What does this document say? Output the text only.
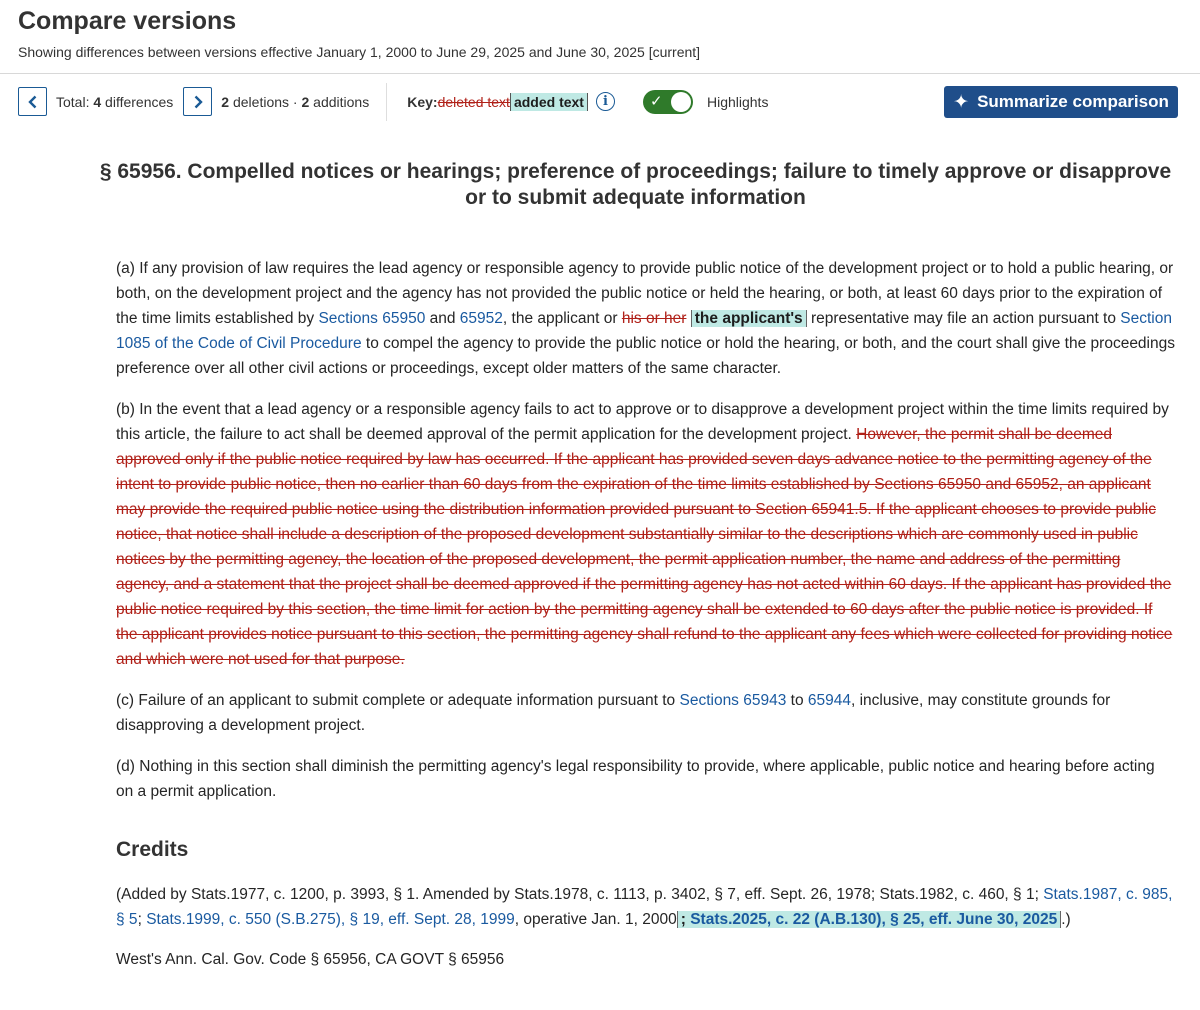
Compare versions
Showing differences between versions effective January 1, 2000 to June 29, 2025 and June 30, 2025 [current]
Total: 4 differences	2 deletions · 2 additions	Key: deleted text added text	i	✓	Highlights	✦ Summarize comparison
§ 65956. Compelled notices or hearings; preference of proceedings; failure to timely approve or disapprove or to submit adequate information

(a) If any provision of law requires the lead agency or responsible agency to provide public notice of the development project or to hold a public hearing, or both, on the development project and the agency has not provided the public notice or held the hearing, or both, at least 60 days prior to the expiration of the time limits established by Sections 65950 and 65952, the applicant or his or her the applicant's representative may file an action pursuant to Section 1085 of the Code of Civil Procedure to compel the agency to provide the public notice or hold the hearing, or both, and the court shall give the proceedings preference over all other civil actions or proceedings, except older matters of the same character.

(b) In the event that a lead agency or a responsible agency fails to act to approve or to disapprove a development project within the time limits required by this article, the failure to act shall be deemed approval of the permit application for the development project. However, the permit shall be deemed approved only if the public notice required by law has occurred. If the applicant has provided seven days advance notice to the permitting agency of the intent to provide public notice, then no earlier than 60 days from the expiration of the time limits established by Sections 65950 and 65952, an applicant may provide the required public notice using the distribution information provided pursuant to Section 65941.5. If the applicant chooses to provide public notice, that notice shall include a description of the proposed development substantially similar to the descriptions which are commonly used in public notices by the permitting agency, the location of the proposed development, the permit application number, the name and address of the permitting agency, and a statement that the project shall be deemed approved if the permitting agency has not acted within 60 days. If the applicant has provided the public notice required by this section, the time limit for action by the permitting agency shall be extended to 60 days after the public notice is provided. If the applicant provides notice pursuant to this section, the permitting agency shall refund to the applicant any fees which were collected for providing notice and which were not used for that purpose.

(c) Failure of an applicant to submit complete or adequate information pursuant to Sections 65943 to 65944, inclusive, may constitute grounds for disapproving a development project.

(d) Nothing in this section shall diminish the permitting agency's legal responsibility to provide, where applicable, public notice and hearing before acting on a permit application.

Credits

(Added by Stats.1977, c. 1200, p. 3993, § 1. Amended by Stats.1978, c. 1113, p. 3402, § 7, eff. Sept. 26, 1978; Stats.1982, c. 460, § 1; Stats.1987, c. 985, § 5; Stats.1999, c. 550 (S.B.275), § 19, eff. Sept. 28, 1999, operative Jan. 1, 2000 ; Stats.2025, c. 22 (A.B.130), § 25, eff. June 30, 2025 .)

West's Ann. Cal. Gov. Code § 65956, CA GOVT § 65956
